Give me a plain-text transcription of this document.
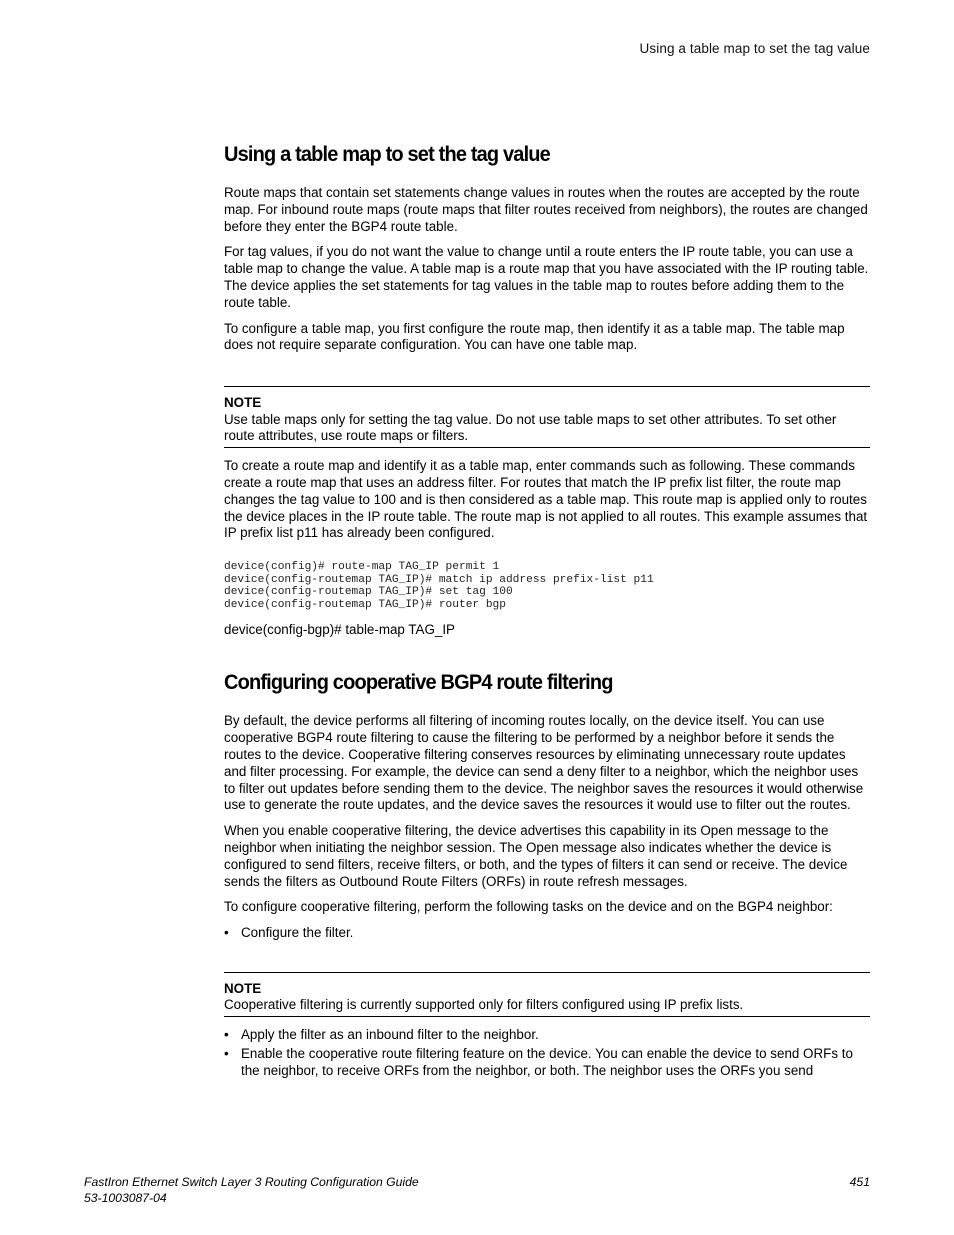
Using a table map to set the tag value
Using a table map to set the tag value

Route maps that contain set statements change values in routes when the routes are accepted by the route map. For inbound route maps (route maps that filter routes received from neighbors), the routes are changed before they enter the BGP4 route table.

For tag values, if you do not want the value to change until a route enters the IP route table, you can use a table map to change the value. A table map is a route map that you have associated with the IP routing table. The device applies the set statements for tag values in the table map to routes before adding them to the route table.

To configure a table map, you first configure the route map, then identify it as a table map. The table map does not require separate configuration. You can have one table map.

NOTE
Use table maps only for setting the tag value. Do not use table maps to set other attributes. To set other route attributes, use route maps or filters.

To create a route map and identify it as a table map, enter commands such as following. These commands create a route map that uses an address filter. For routes that match the IP prefix list filter, the route map changes the tag value to 100 and is then considered as a table map. This route map is applied only to routes the device places in the IP route table. The route map is not applied to all routes. This example assumes that IP prefix list p11 has already been configured.

device(config)# route-map TAG_IP permit 1
device(config-routemap TAG_IP)# match ip address prefix-list p11
device(config-routemap TAG_IP)# set tag 100
device(config-routemap TAG_IP)# router bgp

device(config-bgp)# table-map TAG_IP

Configuring cooperative BGP4 route filtering

By default, the device performs all filtering of incoming routes locally, on the device itself. You can use cooperative BGP4 route filtering to cause the filtering to be performed by a neighbor before it sends the routes to the device. Cooperative filtering conserves resources by eliminating unnecessary route updates and filter processing. For example, the device can send a deny filter to a neighbor, which the neighbor uses to filter out updates before sending them to the device. The neighbor saves the resources it would otherwise use to generate the route updates, and the device saves the resources it would use to filter out the routes.

When you enable cooperative filtering, the device advertises this capability in its Open message to the neighbor when initiating the neighbor session. The Open message also indicates whether the device is configured to send filters, receive filters, or both, and the types of filters it can send or receive. The device sends the filters as Outbound Route Filters (ORFs) in route refresh messages.

To configure cooperative filtering, perform the following tasks on the device and on the BGP4 neighbor:

• Configure the filter.
NOTE
Cooperative filtering is currently supported only for filters configured using IP prefix lists.
• Apply the filter as an inbound filter to the neighbor.
• Enable the cooperative route filtering feature on the device. You can enable the device to send ORFs to the neighbor, to receive ORFs from the neighbor, or both. The neighbor uses the ORFs you send
FastIron Ethernet Switch Layer 3 Routing Configuration Guide
53-1003087-04
451
